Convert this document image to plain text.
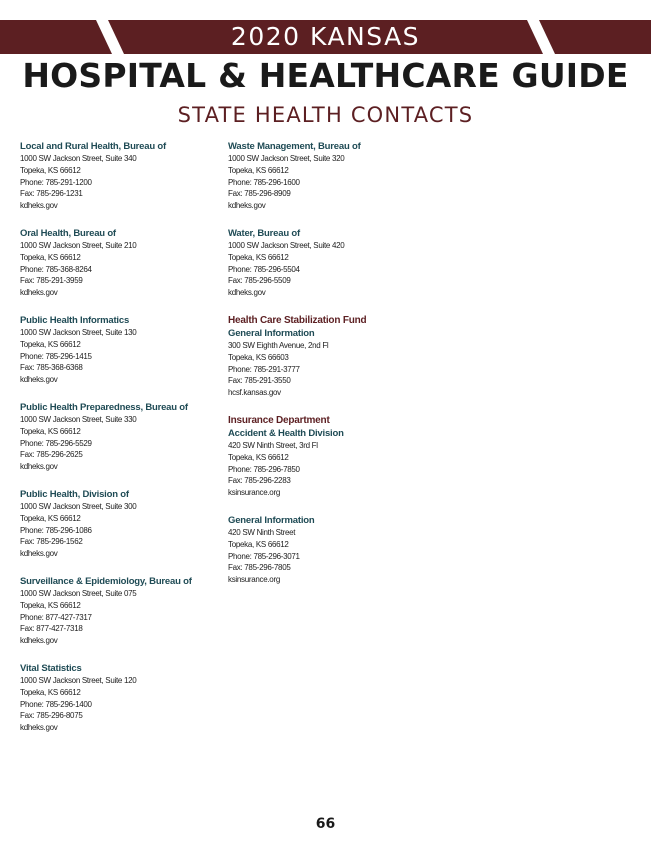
2020 KANSAS
HOSPITAL & HEALTHCARE GUIDE
STATE HEALTH CONTACTS
Local and Rural Health, Bureau of
1000 SW Jackson Street, Suite 340
Topeka, KS 66612
Phone: 785-291-1200
Fax: 785-296-1231
kdheks.gov
Oral Health, Bureau of
1000 SW Jackson Street, Suite 210
Topeka, KS 66612
Phone: 785-368-8264
Fax: 785-291-3959
kdheks.gov
Public Health Informatics
1000 SW Jackson Street, Suite 130
Topeka, KS 66612
Phone: 785-296-1415
Fax: 785-368-6368
kdheks.gov
Public Health Preparedness, Bureau of
1000 SW Jackson Street, Suite 330
Topeka, KS 66612
Phone: 785-296-5529
Fax: 785-296-2625
kdheks.gov
Public Health, Division of
1000 SW Jackson Street, Suite 300
Topeka, KS 66612
Phone: 785-296-1086
Fax: 785-296-1562
kdheks.gov
Surveillance & Epidemiology, Bureau of
1000 SW Jackson Street, Suite 075
Topeka, KS 66612
Phone: 877-427-7317
Fax: 877-427-7318
kdheks.gov
Vital Statistics
1000 SW Jackson Street, Suite 120
Topeka, KS 66612
Phone: 785-296-1400
Fax: 785-296-8075
kdheks.gov
Waste Management, Bureau of
1000 SW Jackson Street, Suite 320
Topeka, KS 66612
Phone: 785-296-1600
Fax: 785-296-8909
kdheks.gov
Water, Bureau of
1000 SW Jackson Street, Suite 420
Topeka, KS 66612
Phone: 785-296-5504
Fax: 785-296-5509
kdheks.gov
Health Care Stabilization Fund
General Information
300 SW Eighth Avenue, 2nd Fl
Topeka, KS 66603
Phone: 785-291-3777
Fax: 785-291-3550
hcsf.kansas.gov
Insurance Department
Accident & Health Division
420 SW Ninth Street, 3rd Fl
Topeka, KS 66612
Phone: 785-296-7850
Fax: 785-296-2283
ksinsurance.org
General Information
420 SW Ninth Street
Topeka, KS 66612
Phone: 785-296-3071
Fax: 785-296-7805
ksinsurance.org
66
